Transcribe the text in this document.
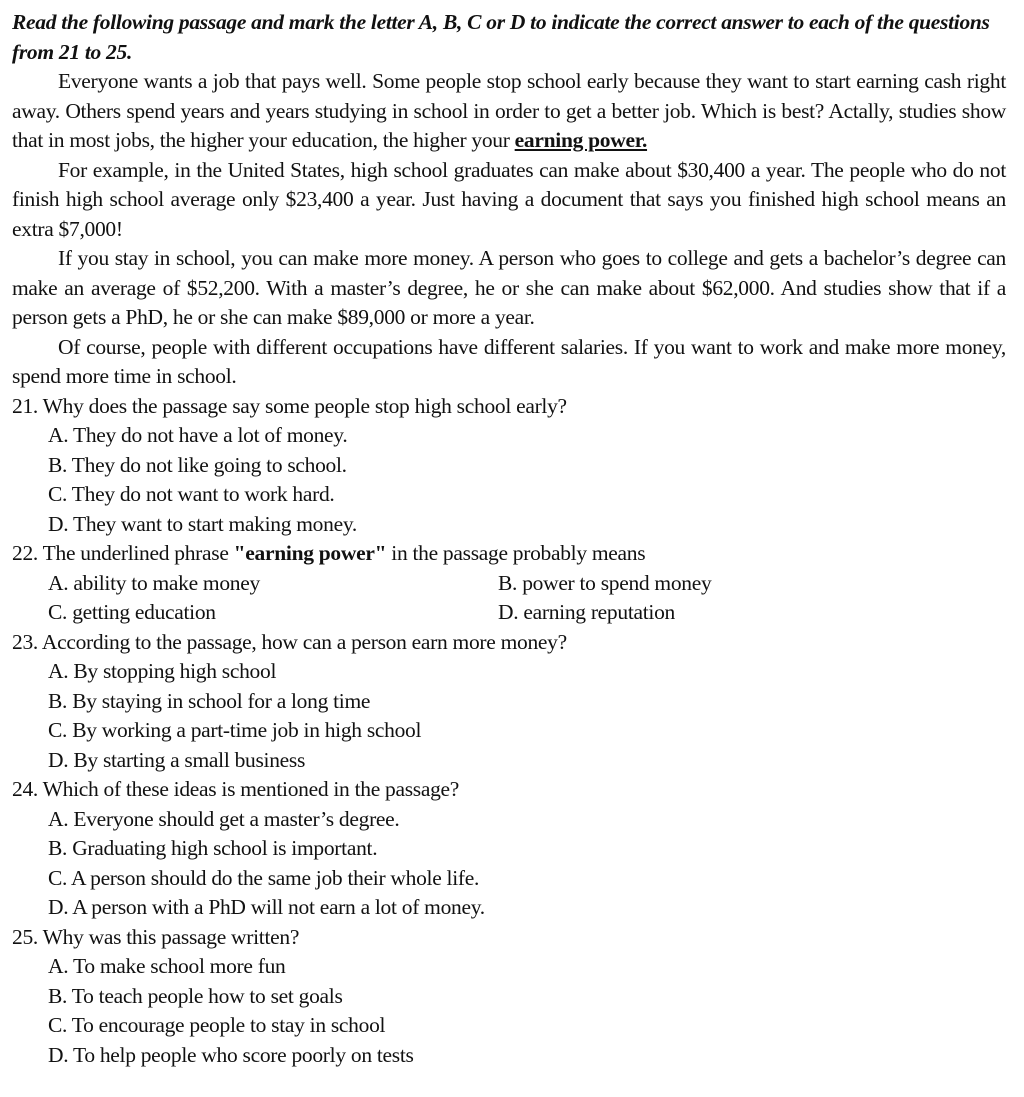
Read the following passage and mark the letter A, B, C or D to indicate the correct answer to each of the questions from 21 to 25.

Everyone wants a job that pays well. Some people stop school early because they want to start earning cash right away. Others spend years and years studying in school in order to get a better job. Which is best? Actally, studies show that in most jobs, the higher your education, the higher your earning power.

For example, in the United States, high school graduates can make about $30,400 a year. The people who do not finish high school average only $23,400 a year. Just having a document that says you finished high school means an extra $7,000!

If you stay in school, you can make more money. A person who goes to college and gets a bachelor’s degree can make an average of $52,200. With a master’s degree, he or she can make about $62,000. And studies show that if a person gets a PhD, he or she can make $89,000 or more a year.

Of course, people with different occupations have different salaries. If you want to work and make more money, spend more time in school.

21. Why does the passage say some people stop high school early?

A. They do not have a lot of money.

B. They do not like going to school.

C. They do not want to work hard.

D. They want to start making money.

22. The underlined phrase "earning power" in the passage probably means

A. ability to make money	B. power to spend money

C. getting education	D. earning reputation

23. According to the passage, how can a person earn more money?

A. By stopping high school

B. By staying in school for a long time

C. By working a part-time job in high school

D. By starting a small business

24. Which of these ideas is mentioned in the passage?

A. Everyone should get a master’s degree.

B. Graduating high school is important.

C. A person should do the same job their whole life.

D. A person with a PhD will not earn a lot of money.

25. Why was this passage written?

A. To make school more fun

B. To teach people how to set goals

C. To encourage people to stay in school

D. To help people who score poorly on tests
